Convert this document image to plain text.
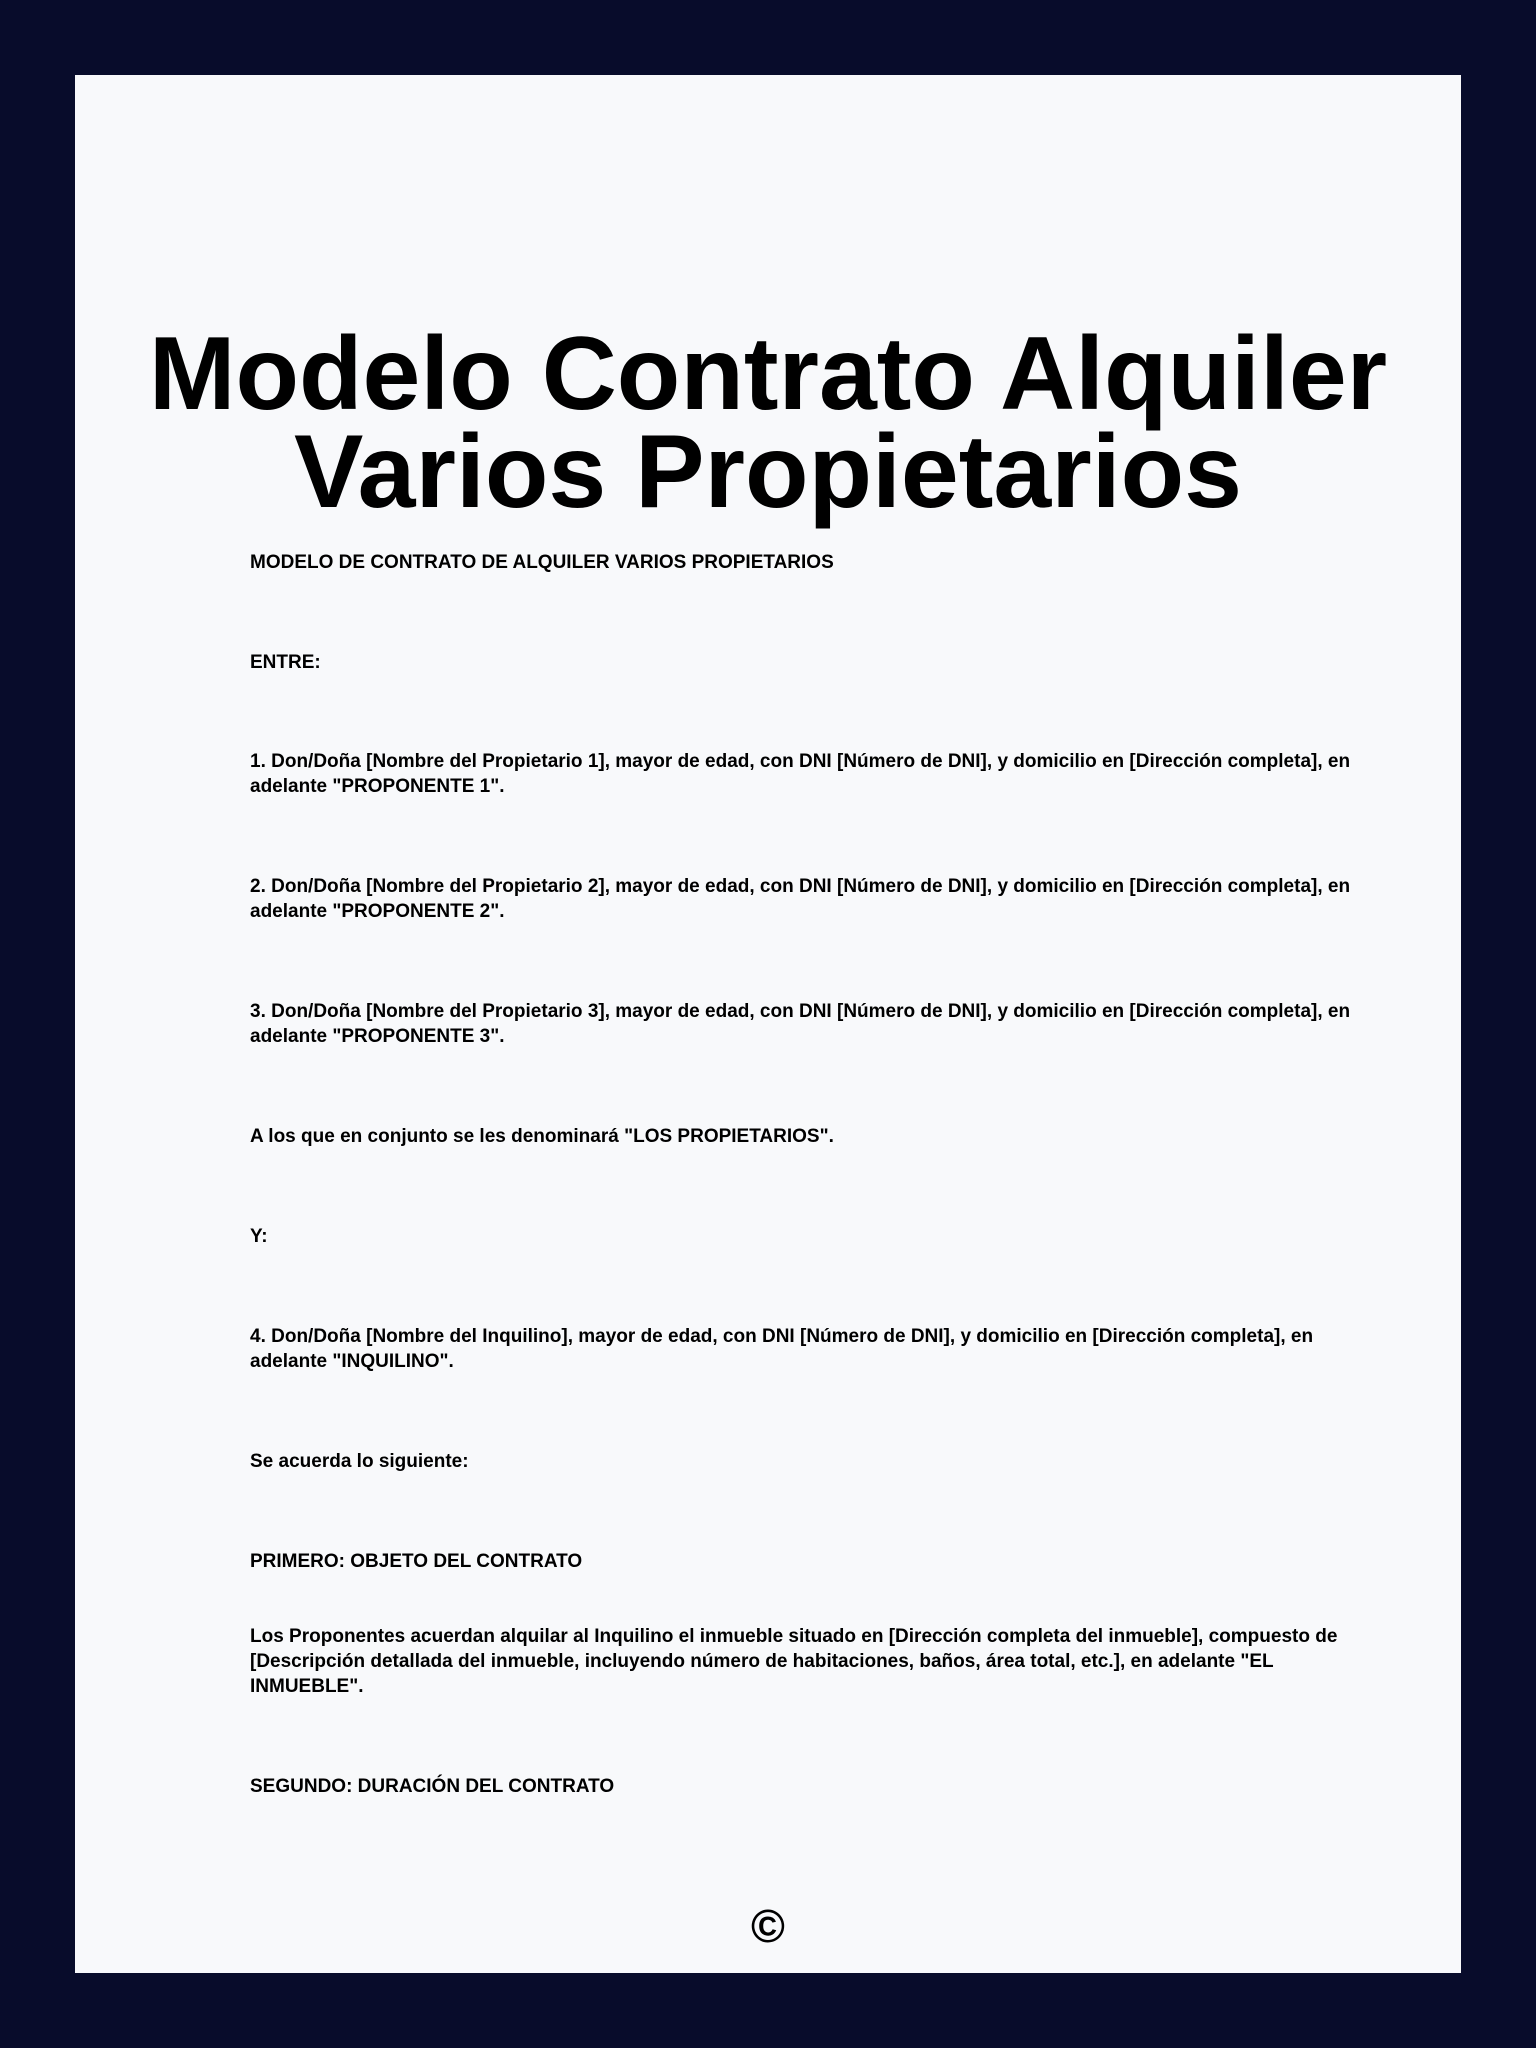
Modelo Contrato Alquiler
Varios Propietarios

MODELO DE CONTRATO DE ALQUILER VARIOS PROPIETARIOS

ENTRE:

1. Don/Doña [Nombre del Propietario 1], mayor de edad, con DNI [Número de DNI], y domicilio en [Dirección completa], en adelante "PROPONENTE 1".

2. Don/Doña [Nombre del Propietario 2], mayor de edad, con DNI [Número de DNI], y domicilio en [Dirección completa], en adelante "PROPONENTE 2".

3. Don/Doña [Nombre del Propietario 3], mayor de edad, con DNI [Número de DNI], y domicilio en [Dirección completa], en adelante "PROPONENTE 3".

A los que en conjunto se les denominará "LOS PROPIETARIOS".

Y:

4. Don/Doña [Nombre del Inquilino], mayor de edad, con DNI [Número de DNI], y domicilio en [Dirección completa], en adelante "INQUILINO".

Se acuerda lo siguiente:

PRIMERO: OBJETO DEL CONTRATO

Los Proponentes acuerdan alquilar al Inquilino el inmueble situado en [Dirección completa del inmueble], compuesto de [Descripción detallada del inmueble, incluyendo número de habitaciones, baños, área total, etc.], en adelante "EL INMUEBLE".

SEGUNDO: DURACIÓN DEL CONTRATO

©
